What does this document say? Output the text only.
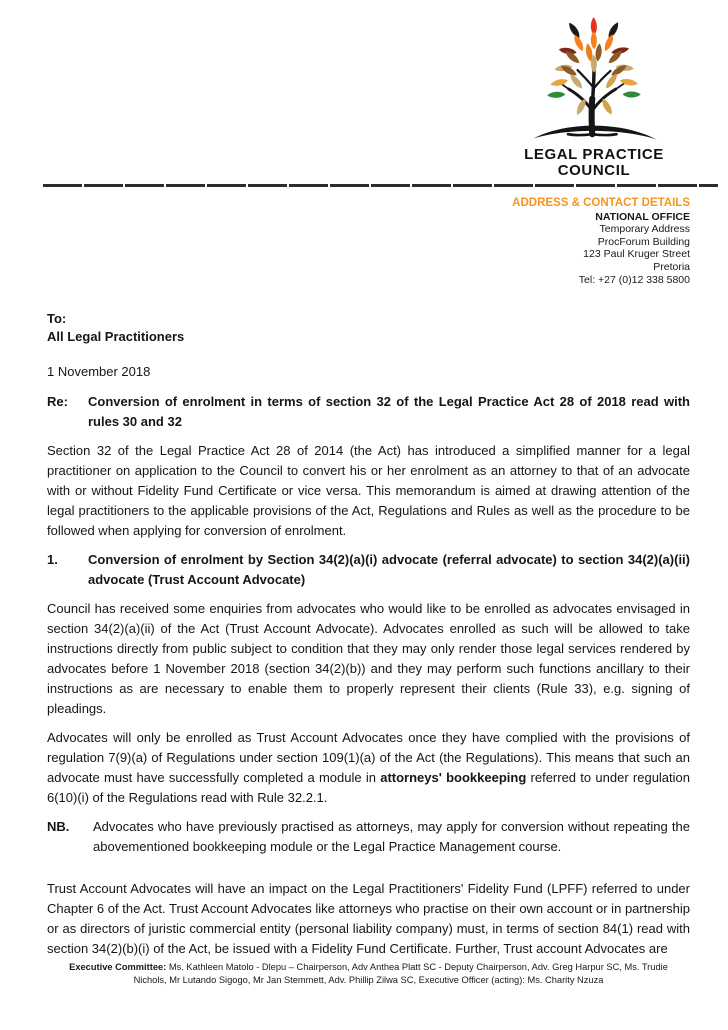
LEGAL PRACTICE
COUNCIL
ADDRESS & CONTACT DETAILS
NATIONAL OFFICE
Temporary Address
ProcForum Building
123 Paul Kruger Street
Pretoria
Tel: +27 (0)12 338 5800
To:
All Legal Practitioners
1 November 2018
Re:	Conversion of enrolment in terms of section 32 of the Legal Practice Act 28 of 2018 read with rules 30 and 32

Section 32 of the Legal Practice Act 28 of 2014 (the Act) has introduced a simplified manner for a legal practitioner on application to the Council to convert his or her enrolment as an attorney to that of an advocate with or without Fidelity Fund Certificate or vice versa. This memorandum is aimed at drawing attention of the legal practitioners to the applicable provisions of the Act, Regulations and Rules as well as the procedure to be followed when applying for conversion of enrolment.

1.	Conversion of enrolment by Section 34(2)(a)(i) advocate (referral advocate) to section 34(2)(a)(ii) advocate (Trust Account Advocate)

Council has received some enquiries from advocates who would like to be enrolled as advocates envisaged in section 34(2)(a)(ii) of the Act (Trust Account Advocate). Advocates enrolled as such will be allowed to take instructions directly from public subject to condition that they may only render those legal services rendered by advocates before 1 November 2018 (section 34(2)(b)) and they may perform such functions ancillary to their instructions as are necessary to enable them to properly represent their clients (Rule 33), e.g. signing of pleadings.

Advocates will only be enrolled as Trust Account Advocates once they have complied with the provisions of regulation 7(9)(a) of Regulations under section 109(1)(a) of the Act (the Regulations). This means that such an advocate must have successfully completed a module in attorneys' bookkeeping referred to under regulation 6(10)(i) of the Regulations read with Rule 32.2.1.

NB.	Advocates who have previously practised as attorneys, may apply for conversion without repeating the abovementioned bookkeeping module or the Legal Practice Management course.

Trust Account Advocates will have an impact on the Legal Practitioners' Fidelity Fund (LPFF) referred to under Chapter 6 of the Act. Trust Account Advocates like attorneys who practise on their own account or in partnership or as directors of juristic commercial entity (personal liability company) must, in terms of section 84(1) read with section 34(2)(b)(i) of the Act, be issued with a Fidelity Fund Certificate. Further, Trust account Advocates are

Executive Committee: Ms. Kathleen Matolo - Dlepu – Chairperson, Adv Anthea Platt SC - Deputy Chairperson, Adv. Greg Harpur SC, Ms. Trudie Nichols, Mr Lutando Sigogo, Mr Jan Stemmett, Adv. Phillip Zilwa SC, Executive Officer (acting): Ms. Charity Nzuza
